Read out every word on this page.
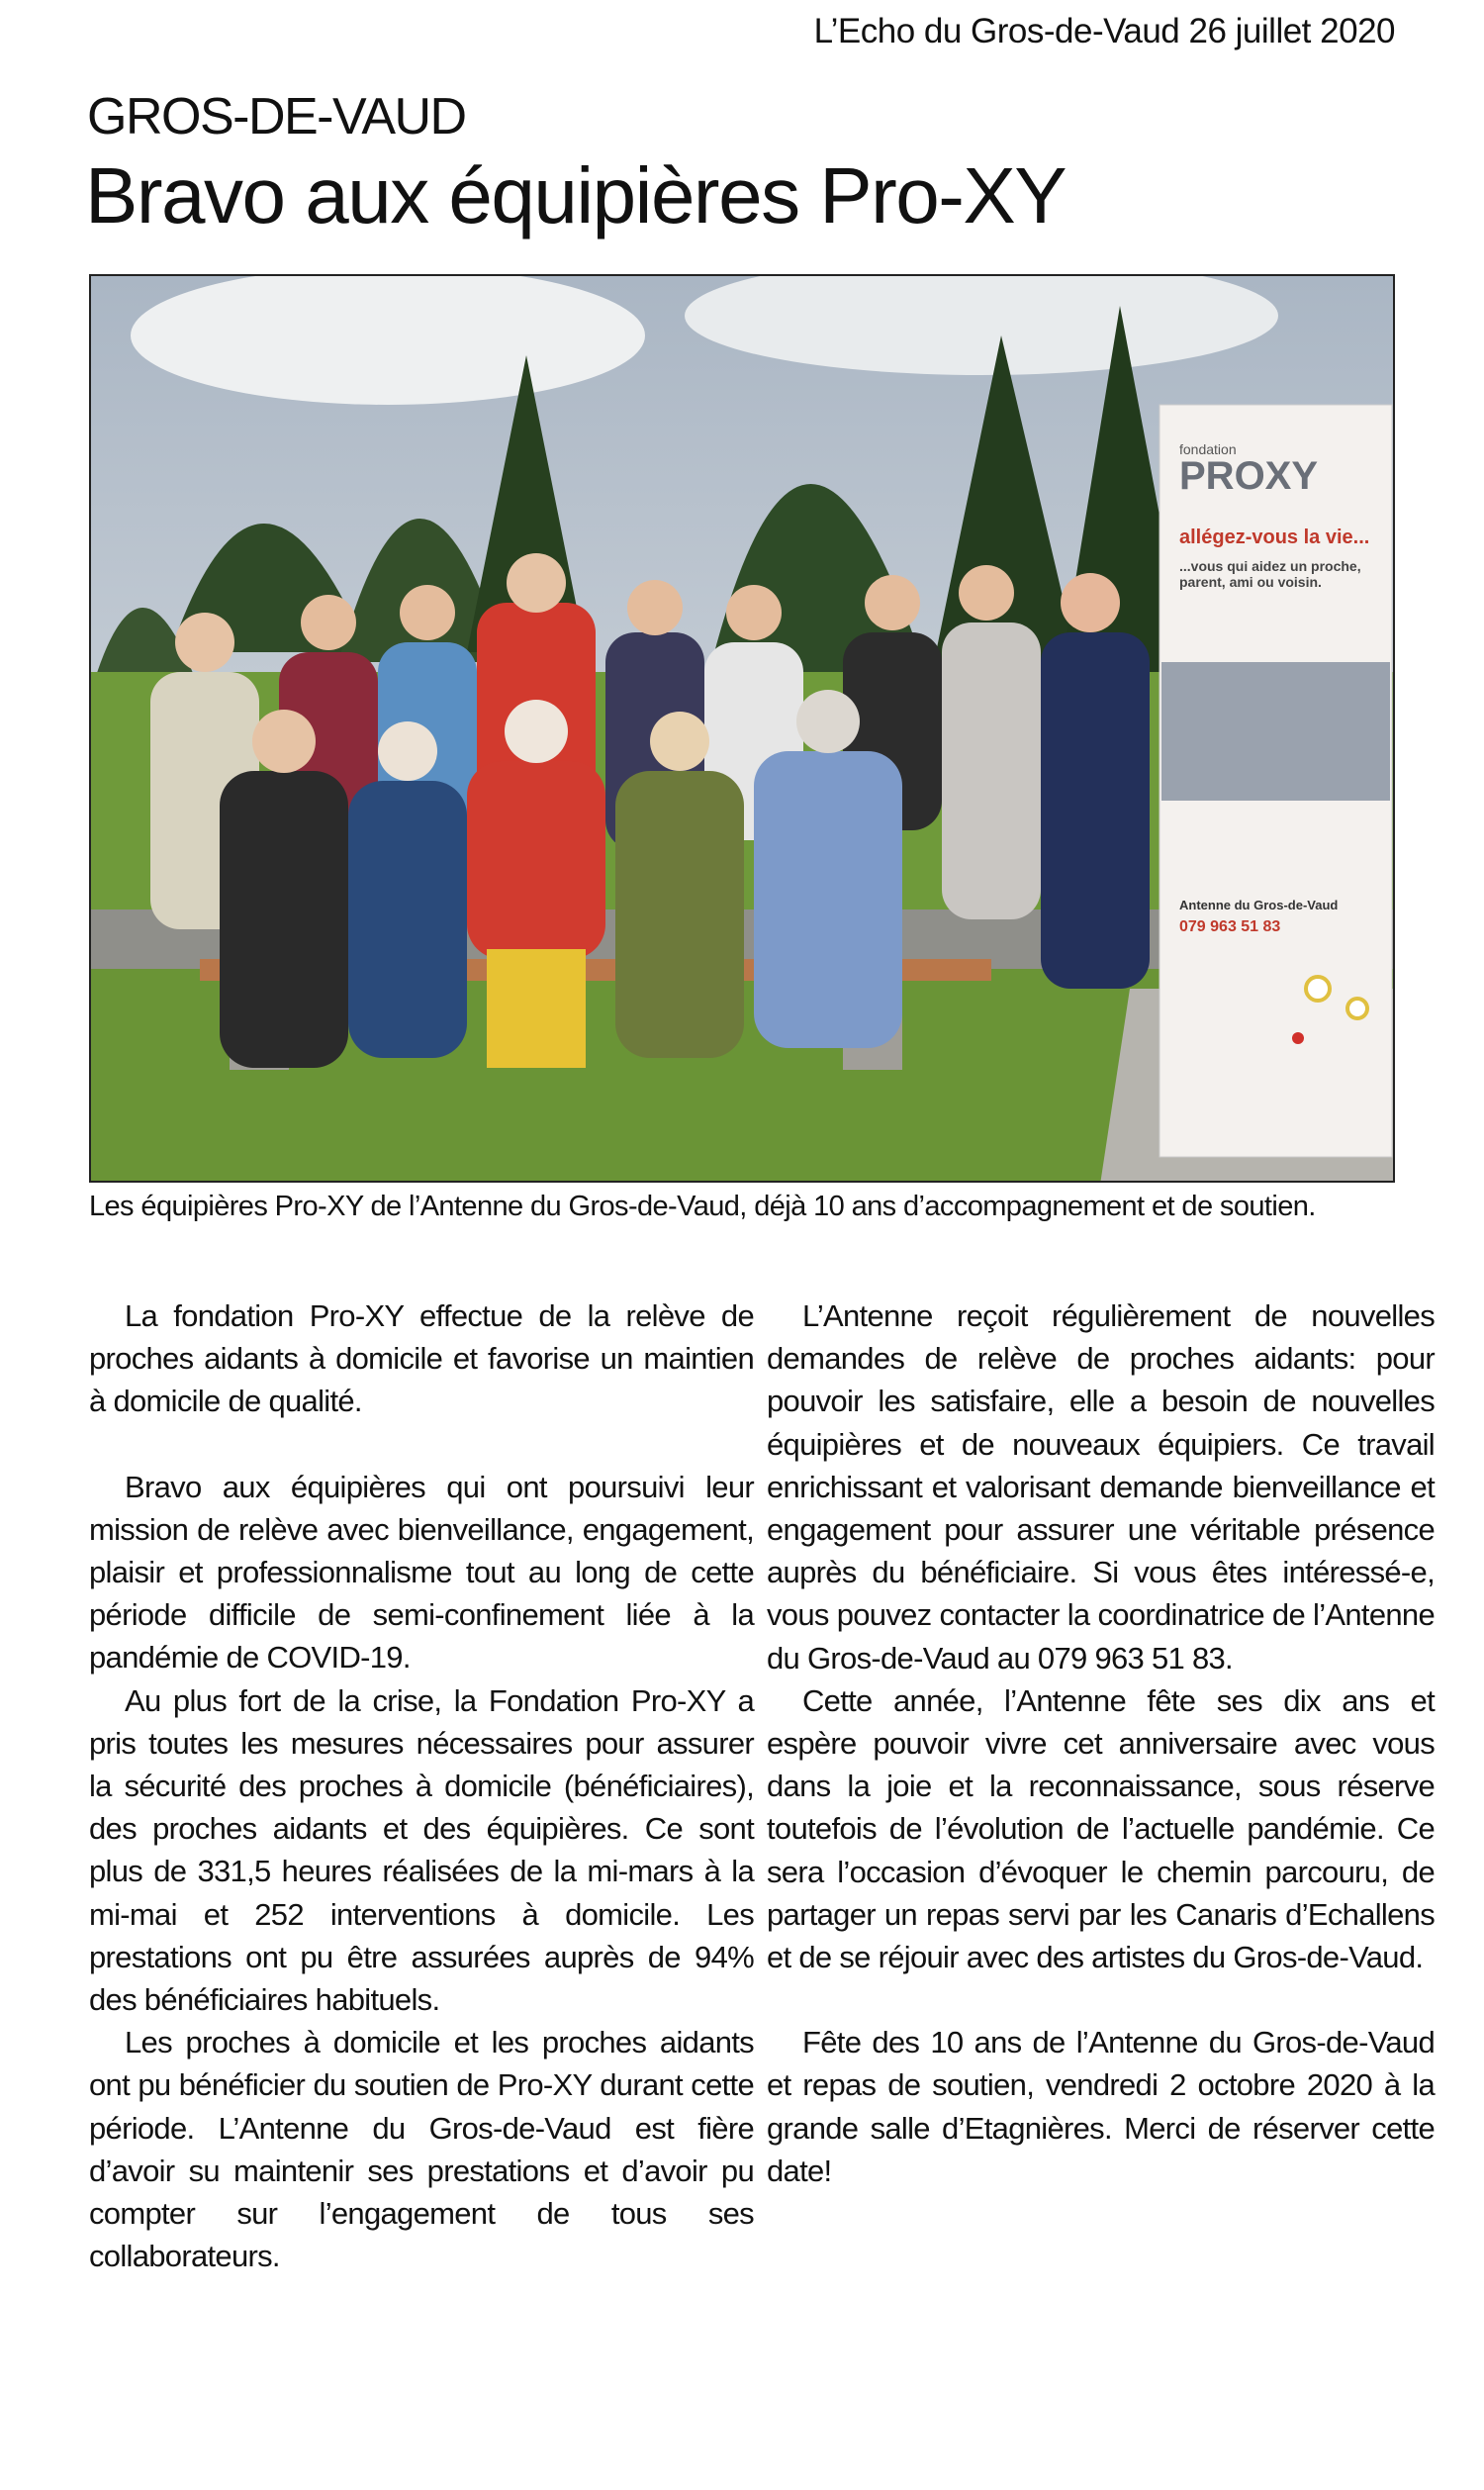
L’Echo du Gros-de-Vaud 26 juillet 2020
GROS-DE-VAUD
Bravo aux équipières Pro-XY
fondation
PROXY
allégez-vous la vie...
...vous qui aidez un proche, parent, ami ou voisin.
Antenne du Gros-de-Vaud
079 963 51 83
Les équipières Pro-XY de l’Antenne du Gros-de-Vaud, déjà 10 ans d’accompagnement et de soutien.

La fondation Pro-XY effectue de la relève de proches aidants à domicile et favorise un maintien à domicile de qualité.

Bravo aux équipières qui ont poursuivi leur mission de relève avec bienveillance, engagement, plaisir et professionnalisme tout au long de cette période difficile de semi-confinement liée à la pandémie de COVID-19.

Au plus fort de la crise, la Fondation Pro-XY a pris toutes les mesures nécessaires pour assurer la sécurité des proches à domicile (bénéficiaires), des proches aidants et des équipières. Ce sont plus de 331,5 heures réalisées de la mi-mars à la mi-mai et 252 interventions à domicile. Les prestations ont pu être assurées auprès de 94% des bénéficiaires habituels.

Les proches à domicile et les proches aidants ont pu bénéficier du soutien de Pro-XY durant cette période. L’Antenne du Gros-de-Vaud est fière d’avoir su maintenir ses prestations et d’avoir pu compter sur l’engagement de tous ses collaborateurs.

L’Antenne reçoit régulièrement de nouvelles demandes de relève de proches aidants: pour pouvoir les satisfaire, elle a besoin de nouvelles équipières et de nouveaux équipiers. Ce travail enrichissant et valorisant demande bienveillance et engagement pour assurer une véritable présence auprès du bénéficiaire. Si vous êtes intéressé-e, vous pouvez contacter la coordinatrice de l’Antenne du Gros-de-Vaud au 079 963 51 83.

Cette année, l’Antenne fête ses dix ans et espère pouvoir vivre cet anniversaire avec vous dans la joie et la reconnaissance, sous réserve toutefois de l’évolution de l’actuelle pandémie. Ce sera l’occasion d’évoquer le chemin parcouru, de partager un repas servi par les Canaris d’Echallens et de se réjouir avec des artistes du Gros-de-Vaud.

Fête des 10 ans de l’Antenne du Gros-de-Vaud et repas de soutien, vendredi 2 octobre 2020 à la grande salle d’Etagnières. Merci de réserver cette date!
